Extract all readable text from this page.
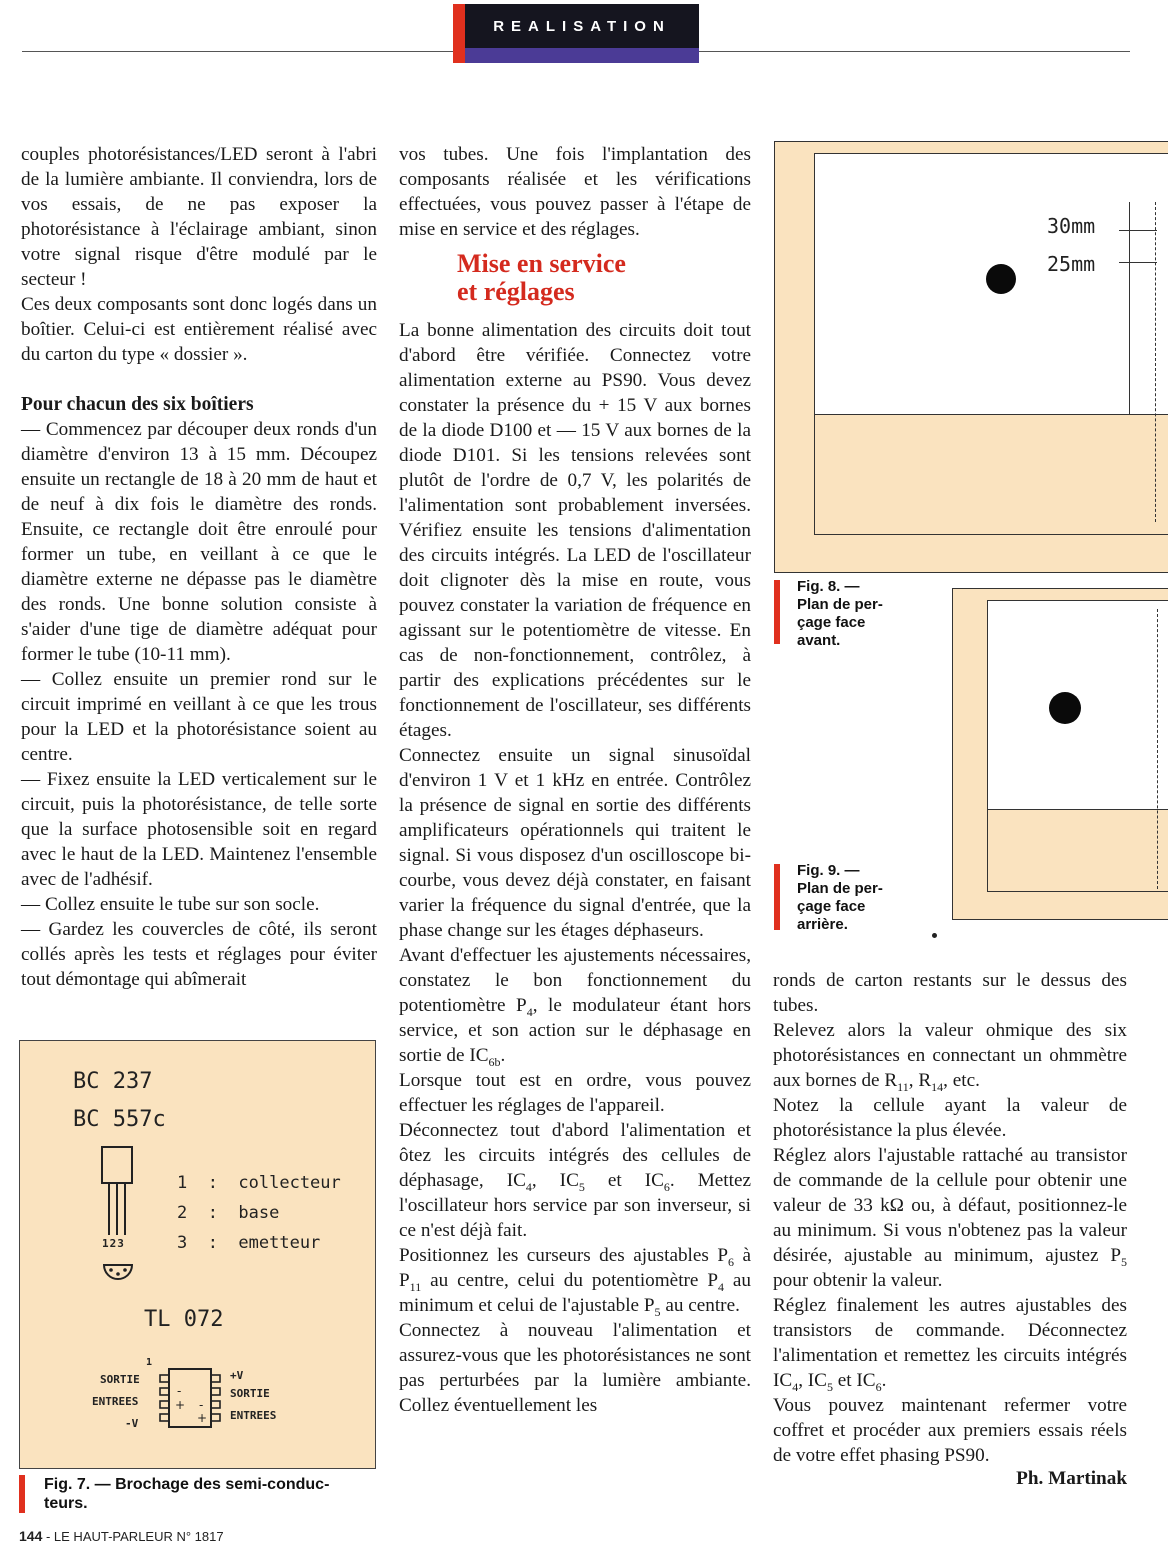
REALISATION

couples photorésistances/LED seront à l'abri de la lumière ambiante. Il conviendra, lors de vos essais, de ne pas exposer la photorésistance à l'éclairage ambiant, sinon votre signal risque d'être modulé par le secteur !

Ces deux composants sont donc logés dans un boîtier. Celui-ci est entièrement réalisé avec du carton du type « dossier ».

Pour chacun des six boîtiers

— Commencez par découper deux ronds d'un diamètre d'environ 13 à 15 mm. Découpez ensuite un rectangle de 18 à 20 mm de haut et de neuf à dix fois le diamètre des ronds. Ensuite, ce rectangle doit être enroulé pour former un tube, en veillant à ce que le diamètre externe ne dépasse pas le diamètre des ronds. Une bonne solution consiste à s'aider d'une tige de diamètre adéquat pour former le tube (10-11 mm).

— Collez ensuite un premier rond sur le circuit imprimé en veillant à ce que les trous pour la LED et la photorésistance soient au centre.

— Fixez ensuite la LED verticalement sur le circuit, puis la photorésistance, de telle sorte que la surface photosensible soit en regard avec le haut de la LED. Maintenez l'ensemble avec de l'adhésif.

— Collez ensuite le tube sur son socle.

— Gardez les couvercles de côté, ils seront collés après les tests et réglages pour éviter tout démontage qui abîmerait

BC 237
BC 557c
1  :  collecteur
2  :  base
3  :  emetteur
123
TL 072
1
SORTIE
ENTREES
-V
-
+ -
+
+V
SORTIE
ENTREES
Fig. 7. — Brochage des semi-conduc-
teurs.

vos tubes. Une fois l'implantation des composants réalisée et les vérifications effectuées, vous pouvez passer à l'étape de mise en service et des réglages.

Mise en service
et réglages

La bonne alimentation des circuits doit tout d'abord être vérifiée. Connectez votre alimentation externe au PS90. Vous devez constater la présence du + 15 V aux bornes de la diode D100 et — 15 V aux bornes de la diode D101. Si les tensions relevées sont plutôt de l'ordre de 0,7 V, les polarités de l'alimentation sont probablement inversées. Vérifiez ensuite les tensions d'alimentation des circuits intégrés. La LED de l'oscillateur doit clignoter dès la mise en route, vous pouvez constater la variation de fréquence en agissant sur le potentiomètre de vitesse. En cas de non-fonctionnement, contrôlez, à partir des explications précédentes sur le fonctionnement de l'oscillateur, ses différents étages.

Connectez ensuite un signal sinusoïdal d'environ 1 V et 1 kHz en entrée. Contrôlez la présence de signal en sortie des différents amplificateurs opérationnels qui traitent le signal. Si vous disposez d'un oscilloscope bi-courbe, vous devez déjà constater, en faisant varier la fréquence du signal d'entrée, que la phase change sur les étages déphaseurs.

Avant d'effectuer les ajustements nécessaires, constatez le bon fonctionnement du potentiomètre $P_4$, le modulateur étant hors service, et son action sur le déphasage en sortie de $IC_{6b}$.

Lorsque tout est en ordre, vous pouvez effectuer les réglages de l'appareil.

Déconnectez tout d'abord l'alimentation et ôtez les circuits intégrés des cellules de déphasage, $IC_4$, $IC_5$ et $IC_6$. Mettez l'oscillateur hors service par son inverseur, si ce n'est déjà fait.

Positionnez les curseurs des ajustables $P_6$ à $P_{11}$ au centre, celui du potentiomètre $P_4$ au minimum et celui de l'ajustable $P_5$ au centre.

Connectez à nouveau l'alimentation et assurez-vous que les photorésistances ne sont pas perturbées par la lumière ambiante. Collez éventuellement les

30mm
25mm
Fig. 8. —
Plan de per-
çage face
avant.
Fig. 9. —
Plan de per-
çage face
arrière.

ronds de carton restants sur le dessus des tubes.

Relevez alors la valeur ohmique des six photorésistances en connectant un ohmmètre aux bornes de $R_{11}$, $R_{14}$, etc.

Notez la cellule ayant la valeur de photorésistance la plus élevée.

Réglez alors l'ajustable rattaché au transistor de commande de la cellule pour obtenir une valeur de 33 kΩ ou, à défaut, positionnez-le au minimum. Si vous n'obtenez pas la valeur désirée, ajustable au minimum, ajustez $P_5$ pour obtenir la valeur.

Réglez finalement les autres ajustables des transistors de commande. Déconnectez l'alimentation et remettez les circuits intégrés $IC_4$, $IC_5$ et $IC_6$.

Vous pouvez maintenant refermer votre coffret et procéder aux premiers essais réels de votre effet phasing PS90.

Ph. Martinak

144 - LE HAUT-PARLEUR N° 1817
